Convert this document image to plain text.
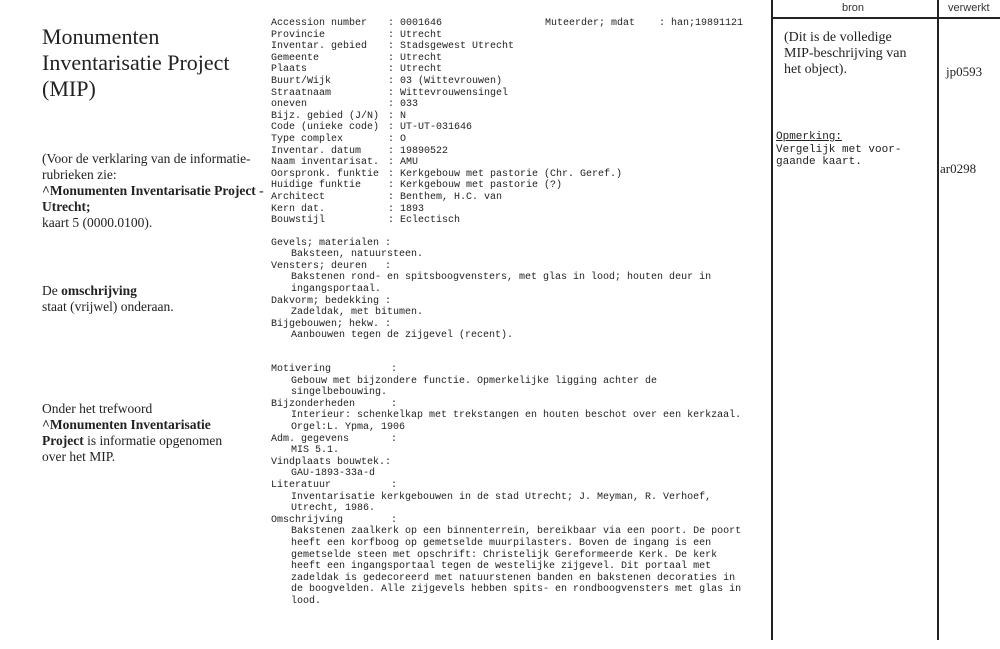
Monumenten Inventarisatie Project (MIP)
(Voor de verklaring van de informatie-rubrieken zie:
^Monumenten Inventarisatie Project - Utrecht;
kaart 5 (0000.0100).
De omschrijving
staat (vrijwel) onderaan.
Onder het trefwoord
^Monumenten Inventarisatie Project is informatie opgenomen over het MIP.
Accession number	: 0001646	Muteerder; mdat    : han;19891121
Provincie	: Utrecht
Inventar. gebied	: Stadsgewest Utrecht
Gemeente	: Utrecht
Plaats	: Utrecht
Buurt/Wijk	: 03 (Wittevrouwen)
Straatnaam	: Wittevrouwensingel
oneven	: 033
Bijz. gebied (J/N) : N
Code (unieke code) : UT-UT-031646
Type complex	: O
Inventar. datum	: 19890522
Naam inventarisat. : AMU
Oorspronk. funktie : Kerkgebouw met pastorie (Chr. Geref.)
Huidige funktie	: Kerkgebouw met pastorie (?)
Architect	: Benthem, H.C. van
Kern dat.	: 1893
Bouwstijl	: Eclectisch
Gevels; materialen :
Baksteen, natuursteen.
Vensters; deuren   :
Bakstenen rond- en spitsboogvensters, met glas in lood; houten deur in
ingangsportaal.
Dakvorm; bedekking :
Zadeldak, met bitumen.
Bijgebouwen; hekw. :
Aanbouwen tegen de zijgevel (recent).
Motivering          :
Gebouw met bijzondere functie. Opmerkelijke ligging achter de
singelbebouwing.
Bijzonderheden      :
Interieur: schenkelkap met trekstangen en houten beschot over een kerkzaal.
Orgel:L. Ypma, 1906
Adm. gegevens       :
MIS 5.1.
Vindplaats bouwtek.:
GAU-1893-33a-d
Literatuur          :
Inventarisatie kerkgebouwen in de stad Utrecht; J. Meyman, R. Verhoef,
Utrecht, 1986.
Omschrijving        :
Bakstenen zaalkerk op een binnenterrein, bereikbaar via een poort. De poort
heeft een korfboog op gemetselde muurpilasters. Boven de ingang is een
gemetselde steen met opschrift: Christelijk Gereformeerde Kerk. De kerk
heeft een ingangsportaal tegen de westelijke zijgevel. Dit portaal met
zadeldak is gedecoreerd met natuurstenen banden en bakstenen decoraties in
de boogvelden. Alle zijgevels hebben spits- en rondboogvensters met glas in
lood.
bron	verwerkt
(Dit is de volledige MIP-beschrijving van het object).	jp0593
Opmerking:
Vergelijk met voor-
gaande kaart.	ar0298
